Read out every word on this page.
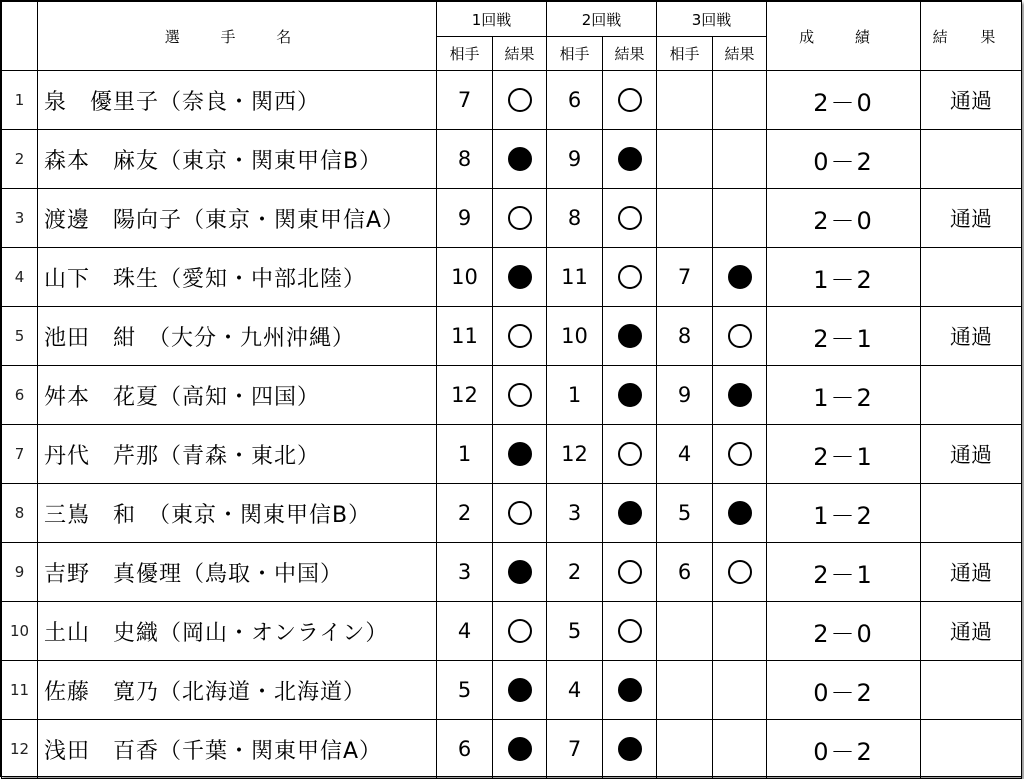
	選 手 名	1回戦		2回戦		3回戦		成 績	結 果
		相手	結果	相手	結果	相手	結果		
1	泉　優里子（奈良・関西）	7		6				2－0	通過
2	森本　麻友（東京・関東甲信B）	8		9				0－2	
3	渡邊　陽向子（東京・関東甲信A）	9		8				2－0	通過
4	山下　珠生（愛知・中部北陸）	10		11		7		1－2	
5	池田　紺　（大分・九州沖縄）	11		10		8		2－1	通過
6	舛本　花夏（高知・四国）	12		1		9		1－2	
7	丹代　芹那（青森・東北）	1		12		4		2－1	通過
8	三嶌　和　（東京・関東甲信B）	2		3		5		1－2	
9	吉野　真優理（鳥取・中国）	3		2		6		2－1	通過
10	土山　史織（岡山・オンライン）	4		5				2－0	通過
11	佐藤　寛乃（北海道・北海道）	5		4				0－2	
12	浅田　百香（千葉・関東甲信A）	6		7				0－2	
